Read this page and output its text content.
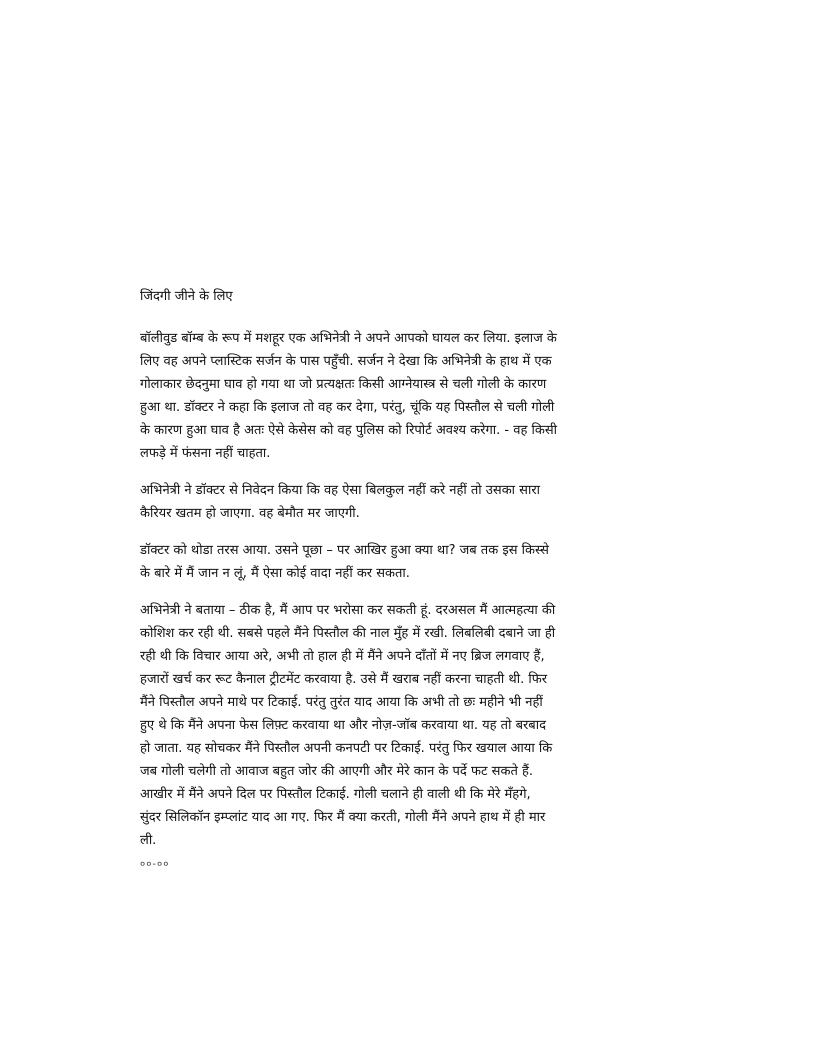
जिंदगी जीने के लिए
बॉलीवुड बॉम्ब के रूप में मशहूर एक अभिनेत्री ने अपने आपको घायल कर लिया. इलाज के
लिए वह अपने प्लास्टिक सर्जन के पास पहुँची. सर्जन ने देखा कि अभिनेत्री के हाथ में एक
गोलाकार छेदनुमा घाव हो गया था जो प्रत्यक्षतः किसी आग्नेयास्त्र से चली गोली के कारण
हुआ था. डॉक्टर ने कहा कि इलाज तो वह कर देगा, परंतु, चूंकि यह पिस्तौल से चली गोली
के कारण हुआ घाव है अतः ऐसे केसेस को वह पुलिस को रिपोर्ट अवश्य करेगा. - वह किसी
लफड़े में फंसना नहीं चाहता.
अभिनेत्री ने डॉक्टर से निवेदन किया कि वह ऐसा बिलकुल नहीं करे नहीं तो उसका सारा
कैरियर खतम हो जाएगा. वह बेमौत मर जाएगी.
डॉक्टर को थोडा तरस आया. उसने पूछा – पर आखिर हुआ क्या था? जब तक इस किस्से
के बारे में मैं जान न लूं, मैं ऐसा कोई वादा नहीं कर सकता.
अभिनेत्री ने बताया – ठीक है, मैं आप पर भरोसा कर सकती हूं. दरअसल मैं आत्महत्या की
कोशिश कर रही थी. सबसे पहले मैंने पिस्तौल की नाल मुँह में रखी. लिबलिबी दबाने जा ही
रही थी कि विचार आया अरे, अभी तो हाल ही में मैंने अपने दाँतों में नए ब्रिज लगवाए हैं,
हजारों खर्च कर रूट कैनाल ट्रीटमेंट करवाया है. उसे मैं खराब नहीं करना चाहती थी. फिर
मैंने पिस्तौल अपने माथे पर टिकाई. परंतु तुरंत याद आया कि अभी तो छः महीने भी नहीं
हुए थे कि मैंने अपना फेस लिफ़्ट करवाया था और नोज़-जॉब करवाया था. यह तो बरबाद
हो जाता. यह सोचकर मैंने पिस्तौल अपनी कनपटी पर टिकाई. परंतु फिर खयाल आया कि
जब गोली चलेगी तो आवाज बहुत जोर की आएगी और मेरे कान के पर्दे फट सकते हैं.
आखीर में मैंने अपने दिल पर पिस्तौल टिकाई. गोली चलाने ही वाली थी कि मेरे मँहगे,
सुंदर सिलिकॉन इम्प्लांट याद आ गए. फिर मैं क्या करती, गोली मैंने अपने हाथ में ही मार
ली.
००-००
